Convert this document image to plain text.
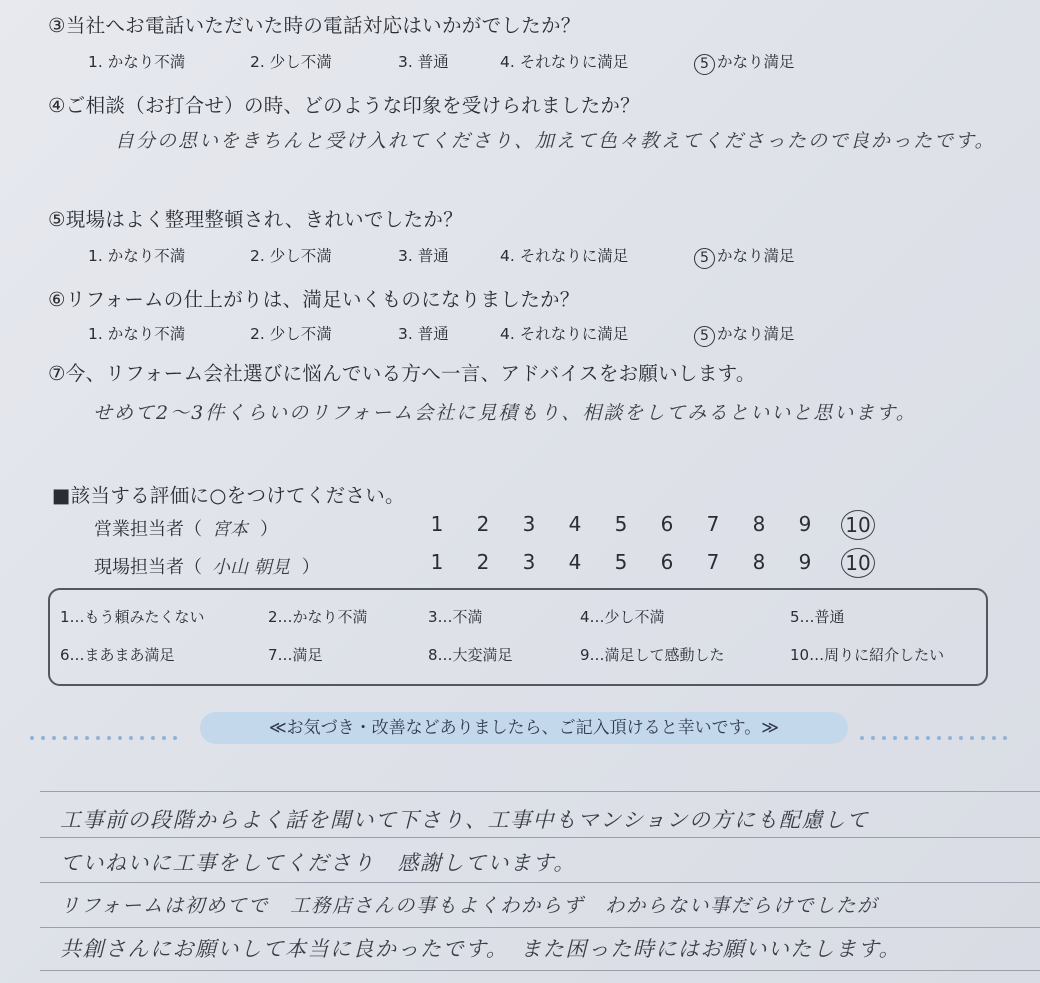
③当社へお電話いただいた時の電話対応はいかがでしたか？
1. かなり不満	2. 少し不満	3. 普通	4. それなりに満足	5 かなり満足
④ご相談（お打合せ）の時、どのような印象を受けられましたか？
自分の思いをきちんと受け入れてくださり、加えて色々教えてくださったので良かったです。
⑤現場はよく整理整頓され、きれいでしたか？
1. かなり不満	2. 少し不満	3. 普通	4. それなりに満足	5 かなり満足
⑥リフォームの仕上がりは、満足いくものになりましたか？
1. かなり不満	2. 少し不満	3. 普通	4. それなりに満足	5 かなり満足
⑦今、リフォーム会社選びに悩んでいる方へ一言、アドバイスをお願いします。
せめて2〜3件くらいのリフォーム会社に見積もり、相談をしてみるといいと思います。
■該当する評価に○をつけてください。
営業担当者（ 宮本 ）	1	2	3	4	5	6	7	8	9	10
現場担当者（ 小山 朝見 ）	1	2	3	4	5	6	7	8	9	10
1…もう頼みたくない	2…かなり不満	3…不満	4…少し不満	5…普通
6…まあまあ満足	7…満足	8…大変満足	9…満足して感動した	10…周りに紹介したい
≪お気づき・改善などありましたら、ご記入頂けると幸いです。≫
工事前の段階からよく話を聞いて下さり、工事中もマンションの方にも配慮して
ていねいに工事をしてくださり　感謝しています。
リフォームは初めてで　工務店さんの事もよくわからず　わからない事だらけでしたが
共創さんにお願いして本当に良かったです。　また困った時にはお願いいたします。
